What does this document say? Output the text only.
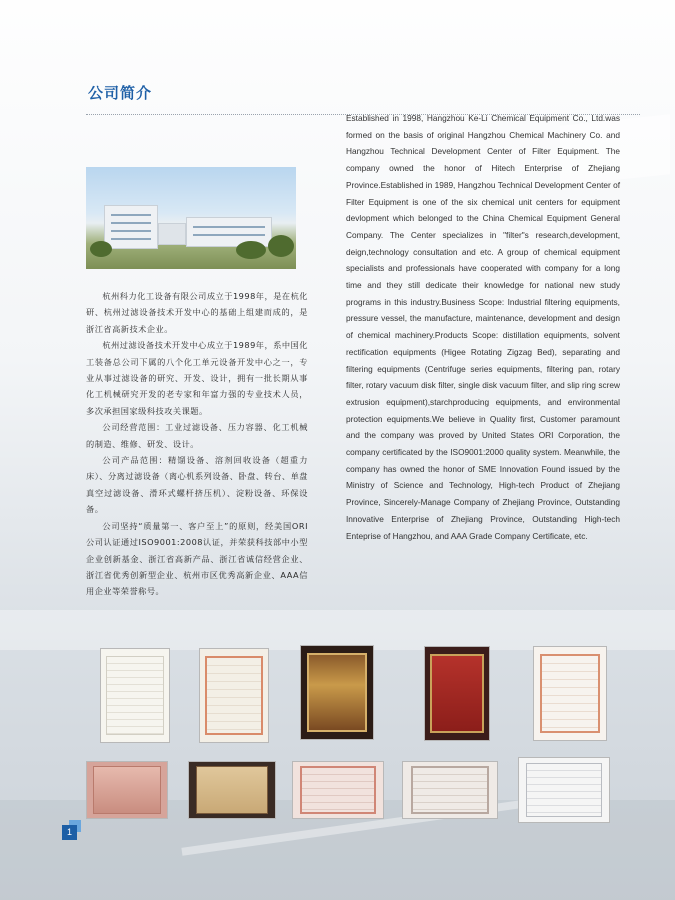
公司简介

杭州科力化工设备有限公司成立于1998年，是在杭化研、杭州过滤设备技术开发中心的基础上组建而成的，是浙江省高新技术企业。

杭州过滤设备技术开发中心成立于1989年，系中国化工装备总公司下属的八个化工单元设备开发中心之一，专业从事过滤设备的研究、开发、设计，拥有一批长期从事化工机械研究开发的老专家和年富力强的专业技术人员，多次承担国家级科技攻关课题。

公司经营范围：工业过滤设备、压力容器、化工机械的制造、维修、研发、设计。

公司产品范围：精馏设备、溶剂回收设备（超重力床）、分离过滤设备（离心机系列设备、卧盘、转台、单盘真空过滤设备、滑环式螺杆挤压机）、淀粉设备、环保设备。

公司坚持“质量第一、客户至上”的原则，经美国ORI公司认证通过ISO9001:2008认证，并荣获科技部中小型企业创新基金、浙江省高新产品、浙江省诚信经营企业、浙江省优秀创新型企业、杭州市区优秀高新企业、AAA信用企业等荣誉称号。

Established in 1998, Hangzhou Ke-Li Chemical Equipment Co., Ltd.was formed on the basis of original Hangzhou Chemical Machinery Co. and Hangzhou Technical Development Center of Filter Equipment. The company owned the honor of Hitech Enterprise of Zhejiang Province.Established in 1989, Hangzhou Technical Development Center of Filter Equipment is one of the six chemical unit centers for equipment devlopment which belonged to the China Chemical Equipment General Company. The Center specializes in "filter"s research,development, deign,technology consultation and etc. A group of chemical equipment specialists and professionals have cooperated with company for a long time and they still dedicate their knowledge for national new study programs in this industry.Business Scope: Industrial filtering equipments, pressure vessel, the manufacture, maintenance, development and design of chemical machinery.Products Scope: distillation equipments, solvent rectification equipments (Higee Rotating Zigzag Bed), separating and filtering equipments (Centrifuge series equipments, filtering pan, rotary filter, rotary vacuum disk filter, single disk vacuum filter, and slip ring screw extrusion equipment),starchproducing equipments, and environmental protection equipments.We believe in Quality first, Customer paramount and the company was proved by United States ORI Corporation, the company certificated by the ISO9001:2000 quality system. Meanwhile, the company has owned the honor of SME Innovation Found issued by the Ministry of Science and Technology, High-tech Product of Zhejiang Province, Sincerely-Manage Company of Zhejiang Province, Outstanding Innovative Enterprise of Zhejiang Province, Outstanding High-tech Enteprise of Hangzhou, and AAA Grade Company Certificate, etc.
1
